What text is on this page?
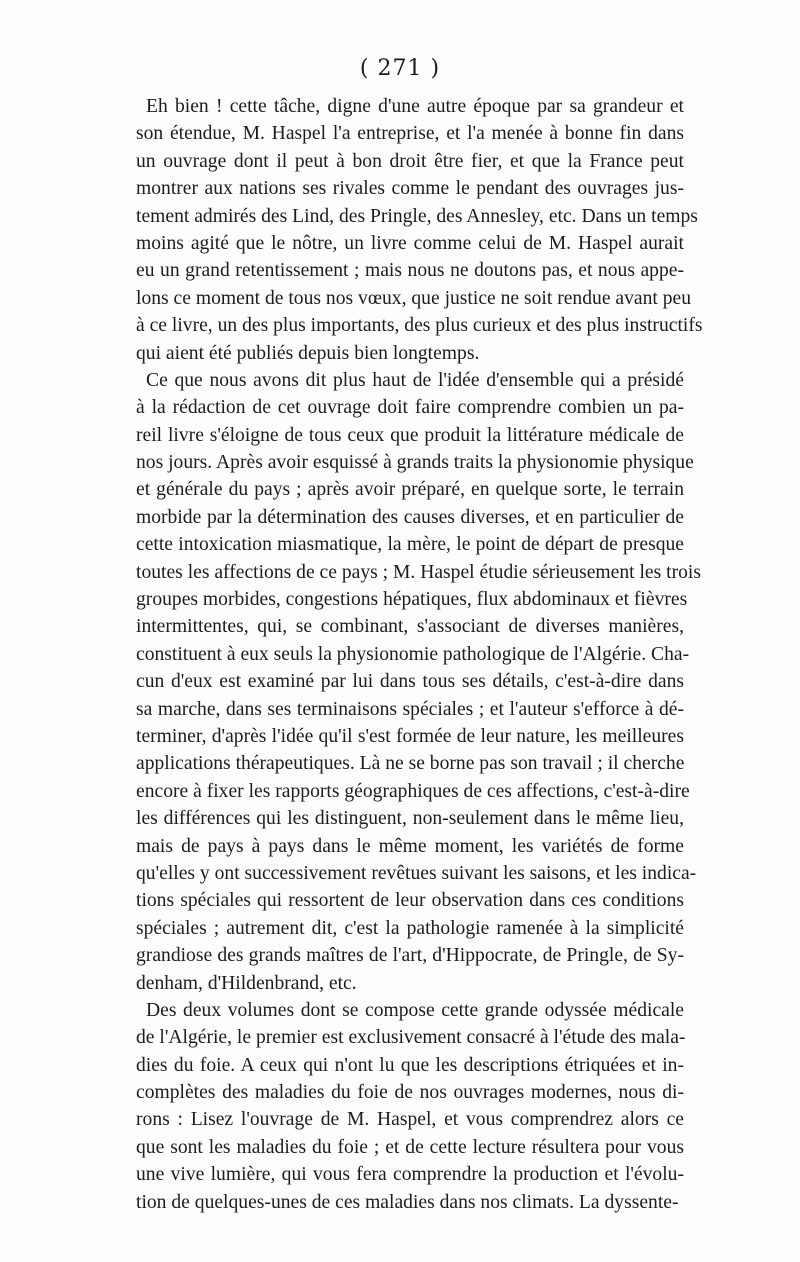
( 271 )
Eh bien ! cette tâche, digne d'une autre époque par sa grandeur et
son étendue, M. Haspel l'a entreprise, et l'a menée à bonne fin dans
un ouvrage dont il peut à bon droit être fier, et que la France peut
montrer aux nations ses rivales comme le pendant des ouvrages jus-
tement admirés des Lind, des Pringle, des Annesley, etc. Dans un temps
moins agité que le nôtre, un livre comme celui de M. Haspel aurait
eu un grand retentissement ; mais nous ne doutons pas, et nous appe-
lons ce moment de tous nos vœux, que justice ne soit rendue avant peu
à ce livre, un des plus importants, des plus curieux et des plus instructifs
qui aient été publiés depuis bien longtemps.
Ce que nous avons dit plus haut de l'idée d'ensemble qui a présidé
à la rédaction de cet ouvrage doit faire comprendre combien un pa-
reil livre s'éloigne de tous ceux que produit la littérature médicale de
nos jours. Après avoir esquissé à grands traits la physionomie physique
et générale du pays ; après avoir préparé, en quelque sorte, le terrain
morbide par la détermination des causes diverses, et en particulier de
cette intoxication miasmatique, la mère, le point de départ de presque
toutes les affections de ce pays ; M. Haspel étudie sérieusement les trois
groupes morbides, congestions hépatiques, flux abdominaux et fièvres
intermittentes, qui, se combinant, s'associant de diverses manières,
constituent à eux seuls la physionomie pathologique de l'Algérie. Cha-
cun d'eux est examiné par lui dans tous ses détails, c'est-à-dire dans
sa marche, dans ses terminaisons spéciales ; et l'auteur s'efforce à dé-
terminer, d'après l'idée qu'il s'est formée de leur nature, les meilleures
applications thérapeutiques. Là ne se borne pas son travail ; il cherche
encore à fixer les rapports géographiques de ces affections, c'est-à-dire
les différences qui les distinguent, non-seulement dans le même lieu,
mais de pays à pays dans le même moment, les variétés de forme
qu'elles y ont successivement revêtues suivant les saisons, et les indica-
tions spéciales qui ressortent de leur observation dans ces conditions
spéciales ; autrement dit, c'est la pathologie ramenée à la simplicité
grandiose des grands maîtres de l'art, d'Hippocrate, de Pringle, de Sy-
denham, d'Hildenbrand, etc.
Des deux volumes dont se compose cette grande odyssée médicale
de l'Algérie, le premier est exclusivement consacré à l'étude des mala-
dies du foie. A ceux qui n'ont lu que les descriptions étriquées et in-
complètes des maladies du foie de nos ouvrages modernes, nous di-
rons : Lisez l'ouvrage de M. Haspel, et vous comprendrez alors ce
que sont les maladies du foie ; et de cette lecture résultera pour vous
une vive lumière, qui vous fera comprendre la production et l'évolu-
tion de quelques-unes de ces maladies dans nos climats. La dyssente-
